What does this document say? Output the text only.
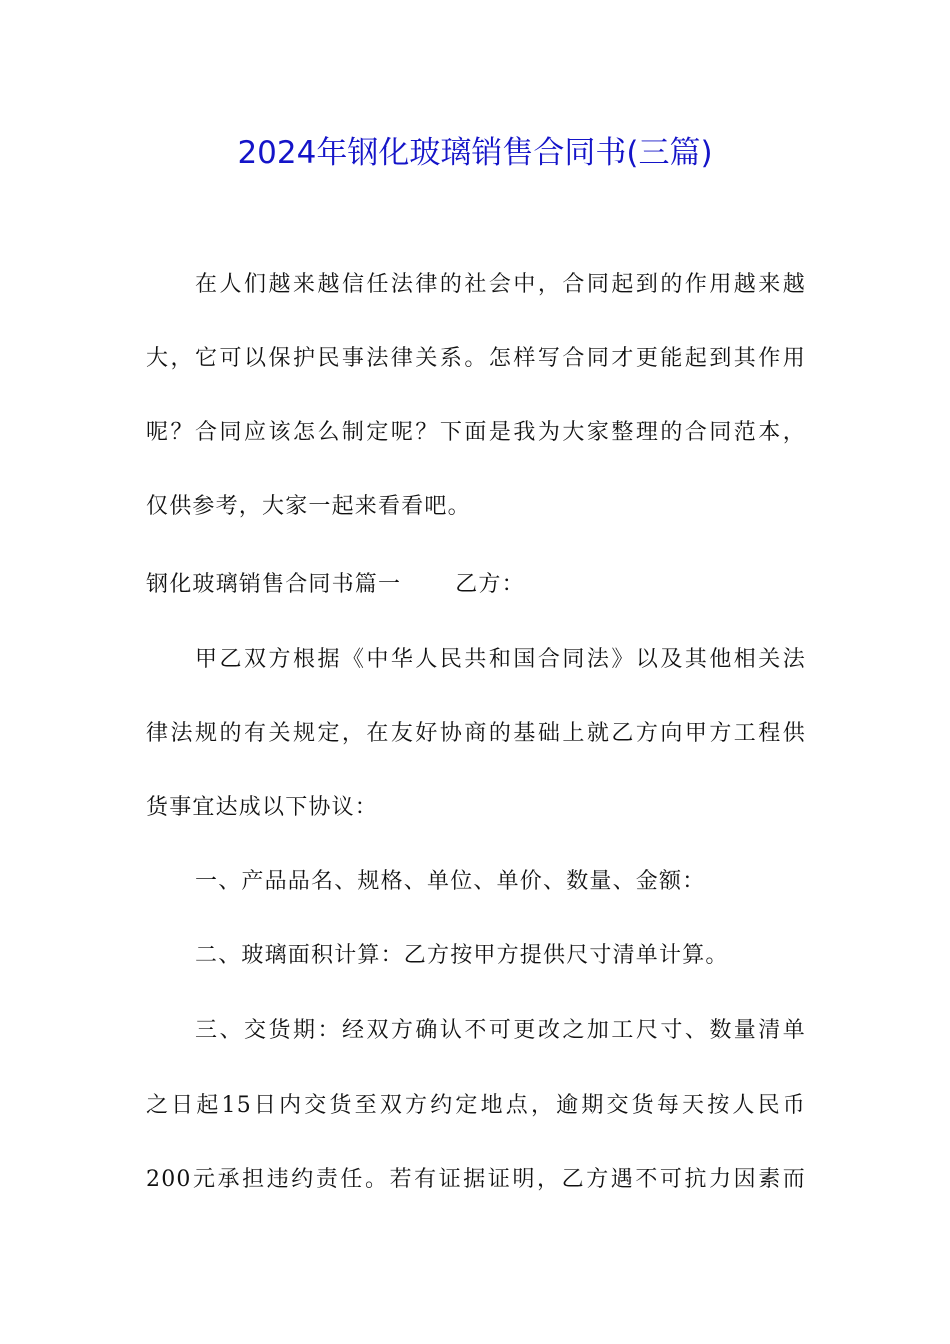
2024年钢化玻璃销售合同书(三篇)
在人们越来越信任法律的社会中，合同起到的作用越来越
大，它可以保护民事法律关系。怎样写合同才更能起到其作用
呢？合同应该怎么制定呢？下面是我为大家整理的合同范本，
仅供参考，大家一起来看看吧。
钢化玻璃销售合同书篇一 乙方：
甲乙双方根据《中华人民共和国合同法》以及其他相关法
律法规的有关规定，在友好协商的基础上就乙方向甲方工程供
货事宜达成以下协议：
一、产品品名、规格、单位、单价、数量、金额：
二、玻璃面积计算：乙方按甲方提供尺寸清单计算。
三、交货期：经双方确认不可更改之加工尺寸、数量清单
之日起15日内交货至双方约定地点，逾期交货每天按人民币
200元承担违约责任。若有证据证明，乙方遇不可抗力因素而
